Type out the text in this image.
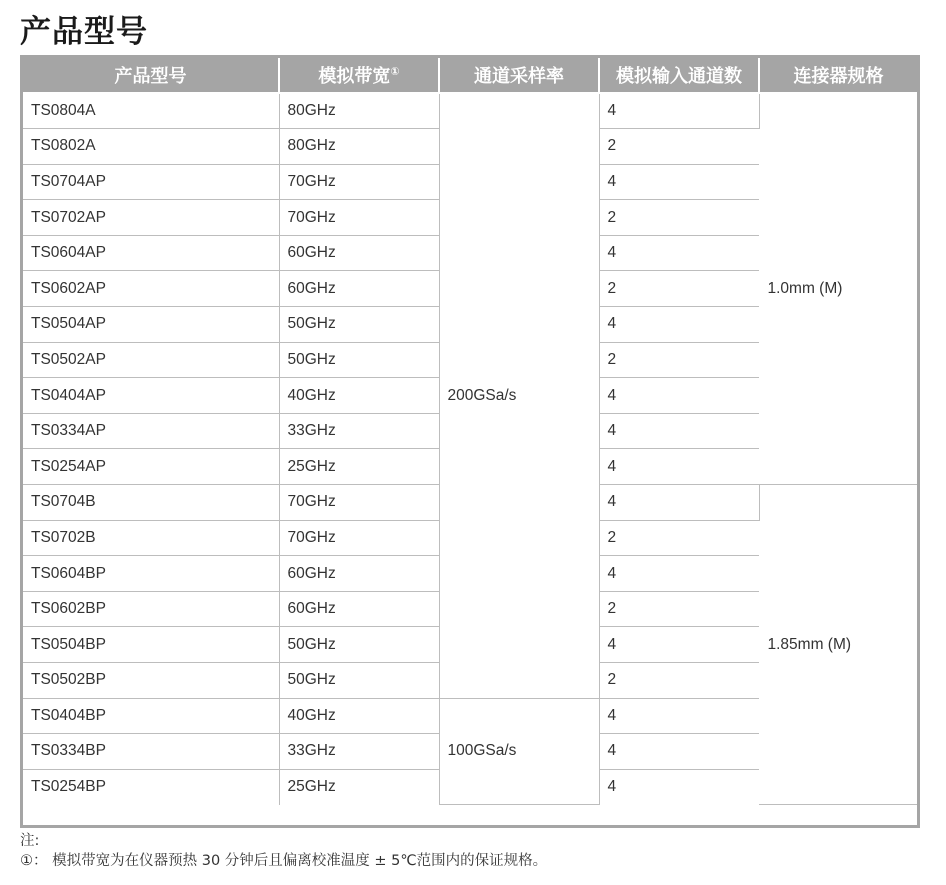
产品型号
产品型号	模拟带宽①	通道采样率	模拟输入通道数	连接器规格
TS0804A	80GHz	200GSa/s	4	1.0mm (M)
TS0802A	80GHz		2	
TS0704AP	70GHz		4	
TS0702AP	70GHz		2	
TS0604AP	60GHz		4	
TS0602AP	60GHz		2	
TS0504AP	50GHz		4	
TS0502AP	50GHz		2	
TS0404AP	40GHz		4	
TS0334AP	33GHz		4	
TS0254AP	25GHz		4	
TS0704B	70GHz		4	1.85mm (M)
TS0702B	70GHz		2	
TS0604BP	60GHz		4	
TS0602BP	60GHz		2	
TS0504BP	50GHz		4	
TS0502BP	50GHz		2	
TS0404BP	40GHz	100GSa/s	4	
TS0334BP	33GHz		4	
TS0254BP	25GHz		4	
注:
①： 模拟带宽为在仪器预热 30 分钟后且偏离校准温度 ± 5℃范围内的保证规格。
